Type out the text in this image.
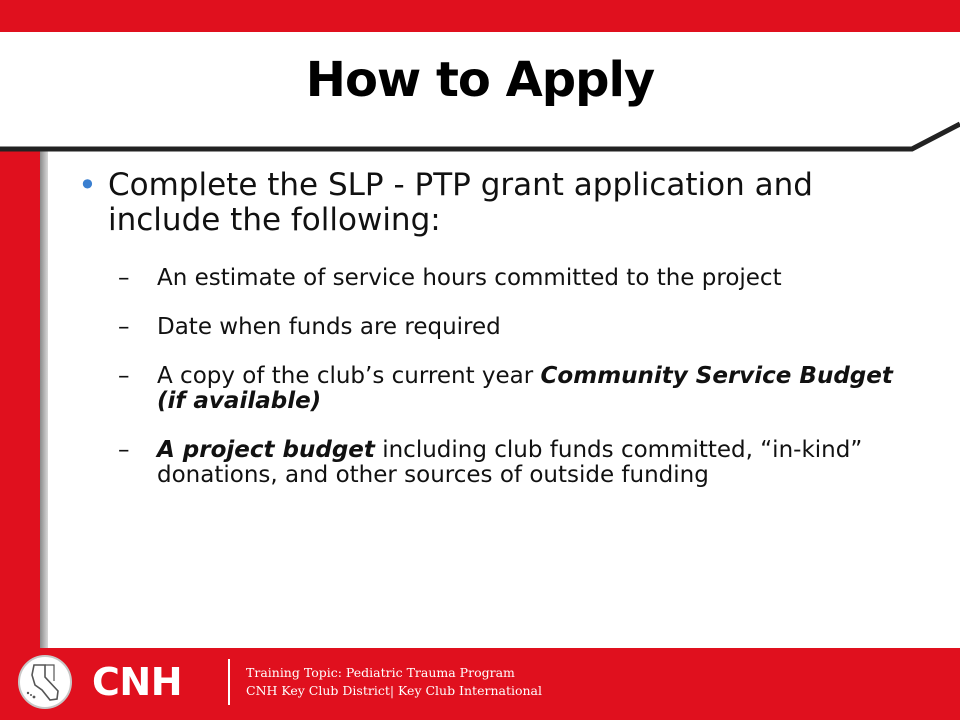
How to Apply
• Complete the SLP - PTP grant application and include the following:
– An estimate of service hours committed to the project
– Date when funds are required
– A copy of the club’s current year Community Service Budget (if available)
– A project budget including club funds committed, “in-kind” donations, and other sources of outside funding
CNH	Training Topic: Pediatric Trauma Program
CNH Key Club District| Key Club International
